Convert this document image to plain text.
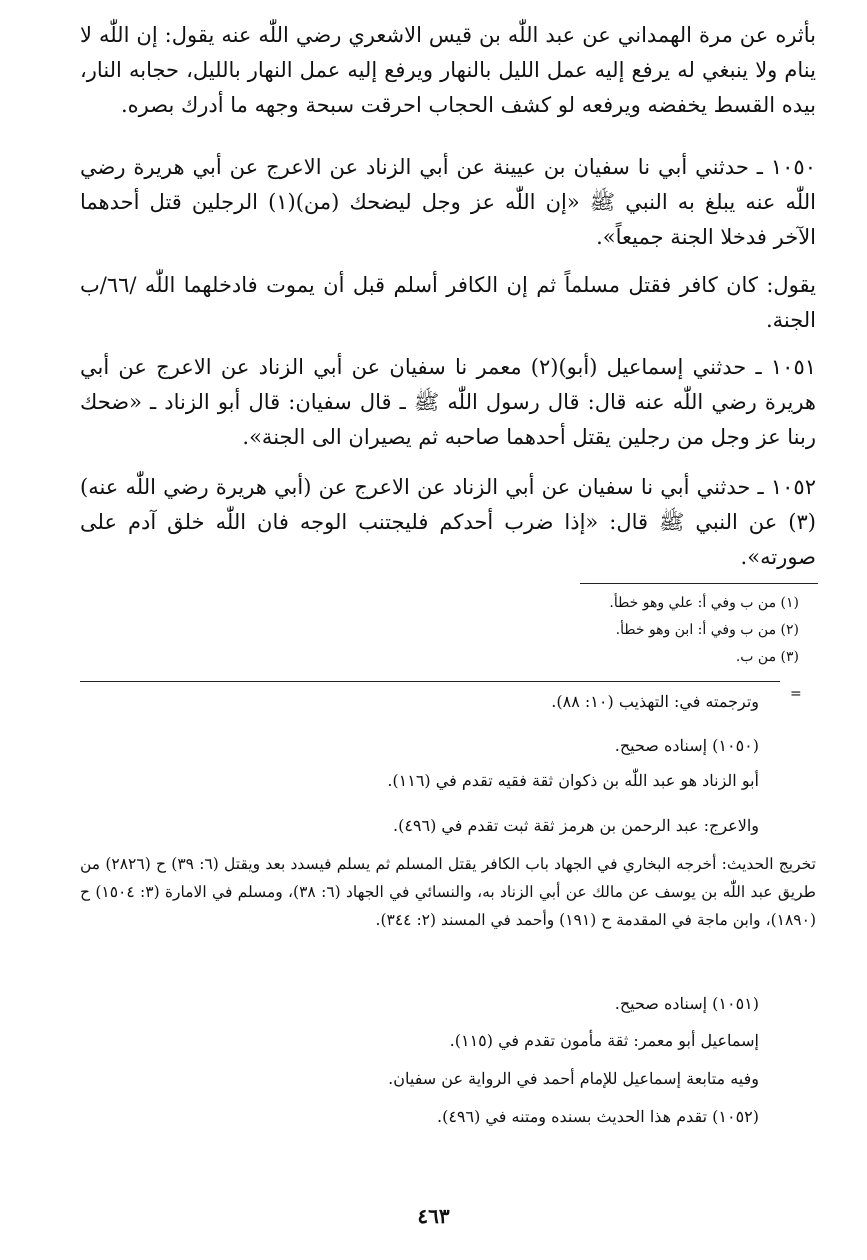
بأثره عن مرة الهمداني عن عبد اللّٰه بن قيس الاشعري رضي اللّٰه عنه يقول: إن اللّٰه لا ينام ولا ينبغي له يرفع إليه عمل الليل بالنهار ويرفع إليه عمل النهار بالليل، حجابه النار، بيده القسط يخفضه ويرفعه لو كشف الحجاب احرقت سبحة وجهه ما أدرك بصره.

١٠٥٠ ـ حدثني أبي نا سفيان بن عيينة عن أبي الزناد عن الاعرج عن أبي هريرة رضي اللّٰه عنه يبلغ به النبي ﷺ «إن اللّٰه عز وجل ليضحك (من)(١) الرجلين قتل أحدهما الآخر فدخلا الجنة جميعاً».

يقول: كان كافر فقتل مسلماً ثم إن الكافر أسلم قبل أن يموت فادخلهما اللّٰه /٦٦/ب الجنة.

١٠٥١ ـ حدثني إسماعيل (أبو)(٢) معمر نا سفيان عن أبي الزناد عن الاعرج عن أبي هريرة رضي اللّٰه عنه قال: قال رسول اللّٰه ﷺ ـ قال سفيان: قال أبو الزناد ـ «ضحك ربنا عز وجل من رجلين يقتل أحدهما صاحبه ثم يصيران الى الجنة».

١٠٥٢ ـ حدثني أبي نا سفيان عن أبي الزناد عن الاعرج عن (أبي هريرة رضي اللّٰه عنه)(٣) عن النبي ﷺ قال: «إذا ضرب أحدكم فليجتنب الوجه فان اللّٰه خلق آدم على صورته».

(١) من ب وفي أ: علي وهو خطأ.
(٢) من ب وفي أ: ابن وهو خطأ.
(٣) من ب.
=
وترجمته في: التهذيب (١٠: ٨٨).
(١٠٥٠) إسناده صحيح.
أبو الزناد هو عبد اللّٰه بن ذكوان ثقة فقيه تقدم في (١١٦).
والاعرج: عبد الرحمن بن هرمز ثقة ثبت تقدم في (٤٩٦).
تخريج الحديث: أخرجه البخاري في الجهاد باب الكافر يقتل المسلم ثم يسلم فيسدد بعد ويقتل (٦: ٣٩) ح (٢٨٢٦) من طريق عبد اللّٰه بن يوسف عن مالك عن أبي الزناد به، والنسائي في الجهاد (٦: ٣٨)، ومسلم في الامارة (٣: ١٥٠٤) ح (١٨٩٠)، وابن ماجة في المقدمة ح (١٩١) وأحمد في المسند (٢: ٣٤٤).
(١٠٥١) إسناده صحيح.
إسماعيل أبو معمر: ثقة مأمون تقدم في (١١٥).
وفيه متابعة إسماعيل للإمام أحمد في الرواية عن سفيان.
(١٠٥٢) تقدم هذا الحديث بسنده ومتنه في (٤٩٦).
٤٦٣
